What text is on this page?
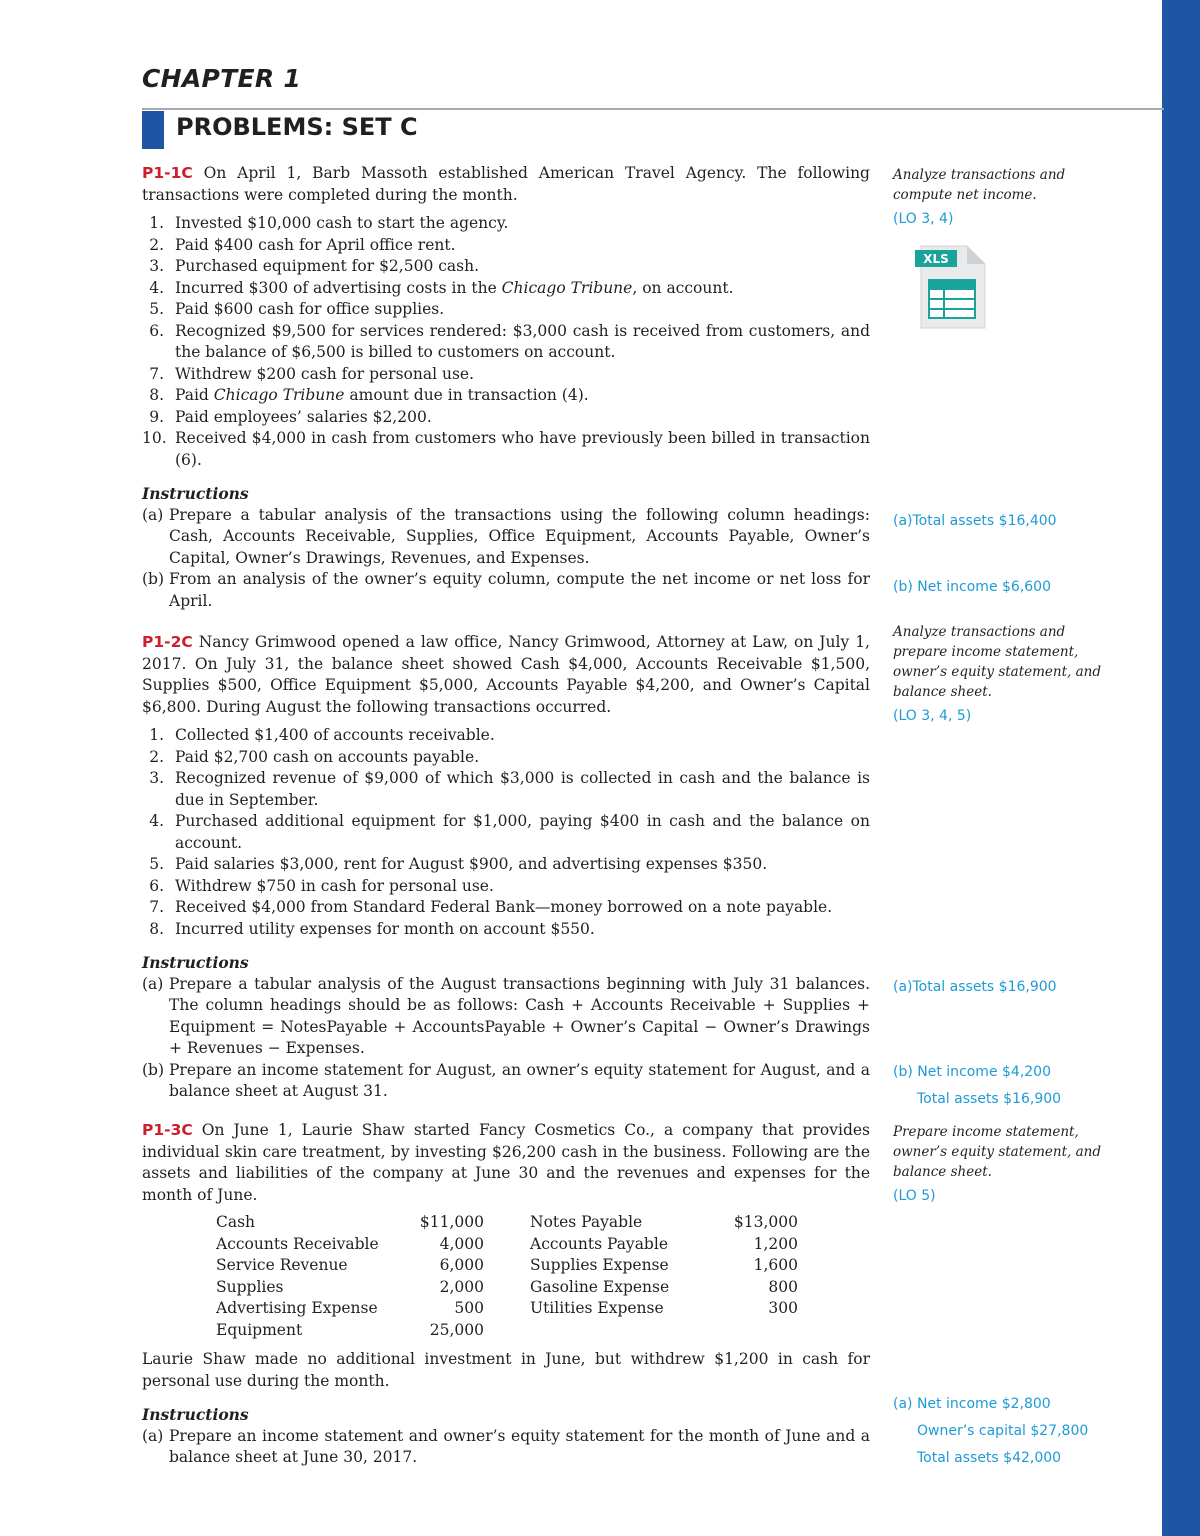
CHAPTER 1
PROBLEMS: SET C

P1-1C On April 1, Barb Massoth established American Travel Agency. The following transactions were completed during the month.

1. Invested $10,000 cash to start the agency.
2. Paid $400 cash for April office rent.
3. Purchased equipment for $2,500 cash.
4. Incurred $300 of advertising costs in the Chicago Tribune, on account.
5. Paid $600 cash for office supplies.
6. Recognized $9,500 for services rendered: $3,000 cash is received from customers, and the balance of $6,500 is billed to customers on account.
7. Withdrew $200 cash for personal use.
8. Paid Chicago Tribune amount due in transaction (4).
9. Paid employees’ salaries $2,200.
10. Received $4,000 in cash from customers who have previously been billed in transaction (6).

Instructions

(a) Prepare a tabular analysis of the transactions using the following column headings: Cash, Accounts Receivable, Supplies, Office Equipment, Accounts Payable, Owner’s Capital, Owner’s Drawings, Revenues, and Expenses.
(b) From an analysis of the owner’s equity column, compute the net income or net loss for April.

P1-2C Nancy Grimwood opened a law office, Nancy Grimwood, Attorney at Law, on July 1, 2017. On July 31, the balance sheet showed Cash $4,000, Accounts Receivable $1,500, Supplies $500, Office Equipment $5,000, Accounts Payable $4,200, and Owner’s Capital $6,800. During August the following transactions occurred.

1. Collected $1,400 of accounts receivable.
2. Paid $2,700 cash on accounts payable.
3. Recognized revenue of $9,000 of which $3,000 is collected in cash and the balance is due in September.
4. Purchased additional equipment for $1,000, paying $400 in cash and the balance on account.
5. Paid salaries $3,000, rent for August $900, and advertising expenses $350.
6. Withdrew $750 in cash for personal use.
7. Received $4,000 from Standard Federal Bank—money borrowed on a note payable.
8. Incurred utility expenses for month on account $550.

Instructions

(a) Prepare a tabular analysis of the August transactions beginning with July 31 balances. The column headings should be as follows: Cash + Accounts Receivable + Supplies + Equipment = NotesPayable + AccountsPayable + Owner’s Capital − Owner’s Drawings + Revenues − Expenses.
(b) Prepare an income statement for August, an owner’s equity statement for August, and a balance sheet at August 31.

P1-3C On June 1, Laurie Shaw started Fancy Cosmetics Co., a company that provides individual skin care treatment, by investing $26,200 cash in the business. Following are the assets and liabilities of the company at June 30 and the revenues and expenses for the month of June.

Cash	$11,000		Notes Payable	$13,000
Accounts Receivable	4,000		Accounts Payable	1,200
Service Revenue	6,000		Supplies Expense	1,600
Supplies	2,000		Gasoline Expense	800
Advertising Expense	500		Utilities Expense	300
Equipment	25,000			

Laurie Shaw made no additional investment in June, but withdrew $1,200 in cash for personal use during the month.

Instructions

(a) Prepare an income statement and owner’s equity statement for the month of June and a balance sheet at June 30, 2017.
Analyze transactions and compute net income.
(LO 3, 4)
XLS
(a)Total assets $16,400
(b) Net income $6,600
Analyze transactions and prepare income statement, owner’s equity statement, and balance sheet.
(LO 3, 4, 5)
(a)Total assets $16,900
(b) Net income $4,200
Total assets $16,900
Prepare income statement, owner’s equity statement, and balance sheet.
(LO 5)
(a) Net income $2,800
Owner’s capital $27,800
Total assets $42,000
